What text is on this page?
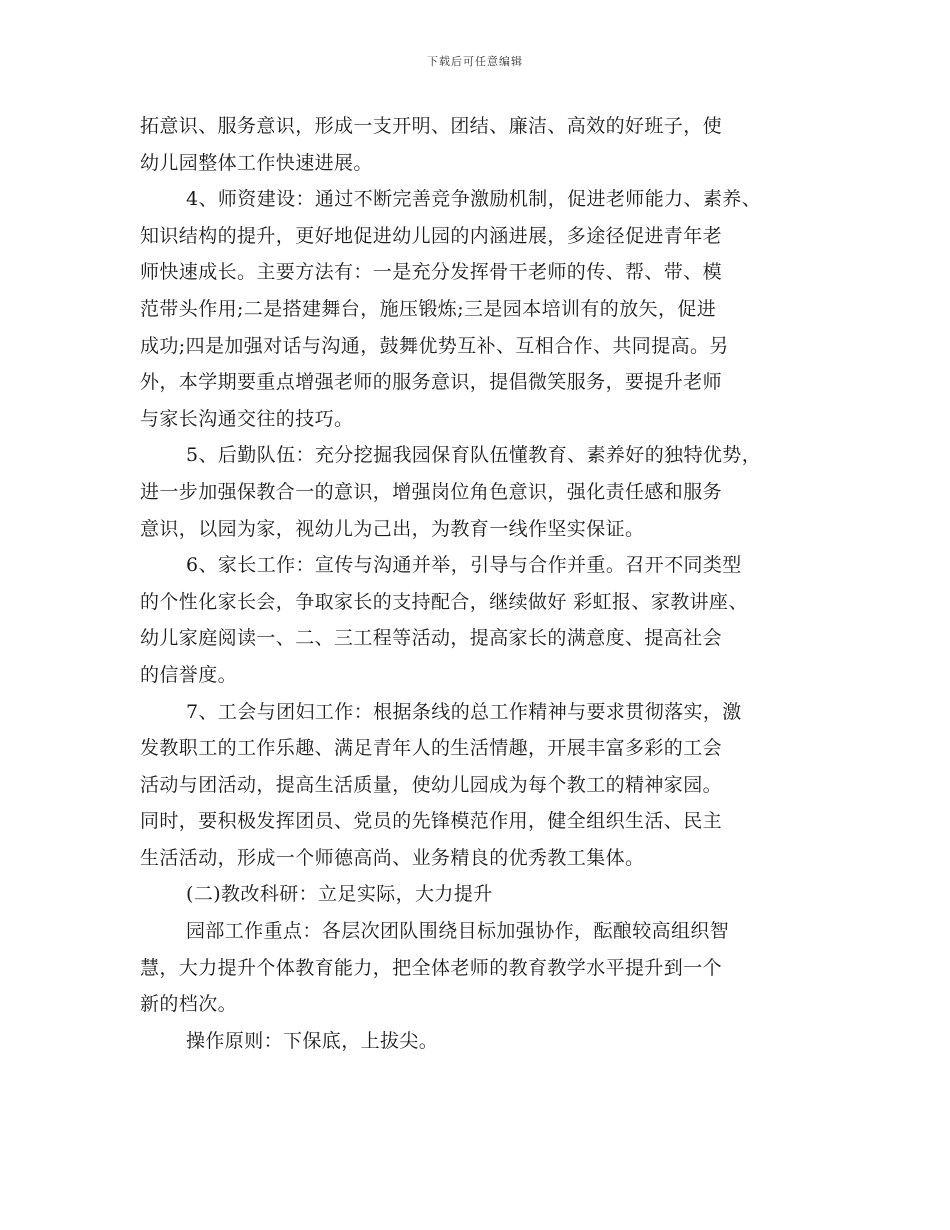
下载后可任意编辑
拓意识、服务意识，形成一支开明、团结、廉洁、高效的好班子，使
幼儿园整体工作快速进展。
4、师资建设：通过不断完善竞争激励机制，促进老师能力、素养、
知识结构的提升，更好地促进幼儿园的内涵进展，多途径促进青年老
师快速成长。主要方法有：一是充分发挥骨干老师的传、帮、带、模
范带头作用;二是搭建舞台，施压锻炼;三是园本培训有的放矢，促进
成功;四是加强对话与沟通，鼓舞优势互补、互相合作、共同提高。另
外，本学期要重点增强老师的服务意识，提倡微笑服务，要提升老师
与家长沟通交往的技巧。
5、后勤队伍：充分挖掘我园保育队伍懂教育、素养好的独特优势，
进一步加强保教合一的意识，增强岗位角色意识，强化责任感和服务
意识，以园为家，视幼儿为己出，为教育一线作坚实保证。
6、家长工作：宣传与沟通并举，引导与合作并重。召开不同类型
的个性化家长会，争取家长的支持配合，继续做好 彩虹报、家教讲座、
幼儿家庭阅读一、二、三工程等活动，提高家长的满意度、提高社会
的信誉度。
7、工会与团妇工作：根据条线的总工作精神与要求贯彻落实，激
发教职工的工作乐趣、满足青年人的生活情趣，开展丰富多彩的工会
活动与团活动，提高生活质量，使幼儿园成为每个教工的精神家园。
同时，要积极发挥团员、党员的先锋模范作用，健全组织生活、民主
生活活动，形成一个师德高尚、业务精良的优秀教工集体。
(二)教改科研：立足实际，大力提升
园部工作重点：各层次团队围绕目标加强协作，酝酿较高组织智
慧，大力提升个体教育能力，把全体老师的教育教学水平提升到一个
新的档次。
操作原则：下保底，上拔尖。
